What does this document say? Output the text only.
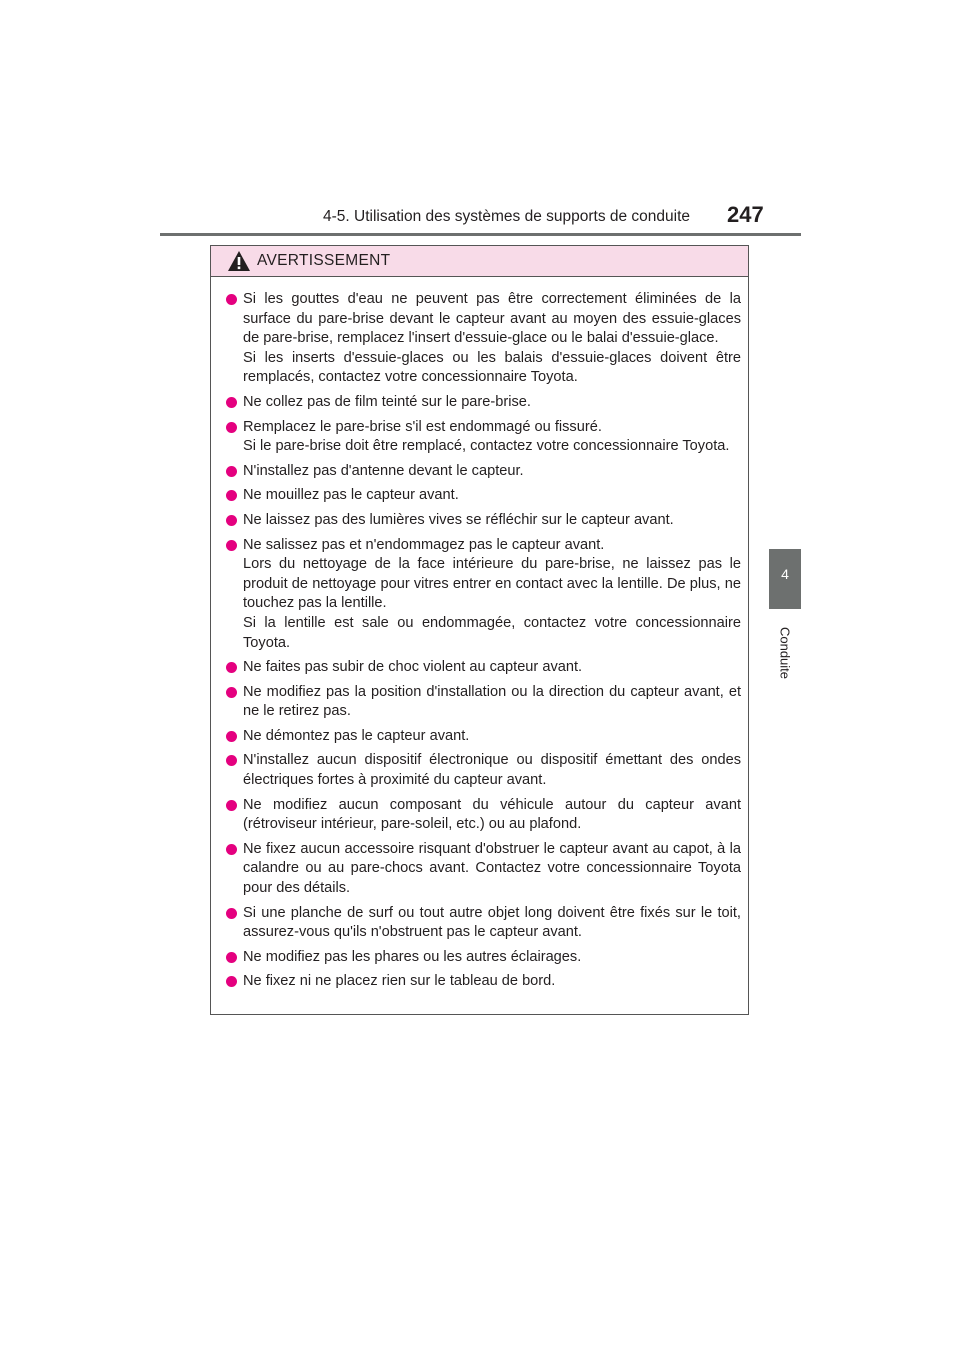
4-5. Utilisation des systèmes de supports de conduite 247
4
Conduite
AVERTISSEMENT

Si les gouttes d'eau ne peuvent pas être correctement éliminées de la surface du pare-brise devant le capteur avant au moyen des essuie-glaces de pare-brise, remplacez l'insert d'essuie-glace ou le balai d'essuie-glace.

Si les inserts d'essuie-glaces ou les balais d'essuie-glaces doivent être remplacés, contactez votre concessionnaire Toyota.

Ne collez pas de film teinté sur le pare-brise.

Remplacez le pare-brise s'il est endommagé ou fissuré.

Si le pare-brise doit être remplacé, contactez votre concessionnaire Toyota.

N'installez pas d'antenne devant le capteur.

Ne mouillez pas le capteur avant.

Ne laissez pas des lumières vives se réfléchir sur le capteur avant.

Ne salissez pas et n'endommagez pas le capteur avant.

Lors du nettoyage de la face intérieure du pare-brise, ne laissez pas le produit de nettoyage pour vitres entrer en contact avec la lentille. De plus, ne touchez pas la lentille.

Si la lentille est sale ou endommagée, contactez votre concessionnaire Toyota.

Ne faites pas subir de choc violent au capteur avant.

Ne modifiez pas la position d'installation ou la direction du capteur avant, et ne le retirez pas.

Ne démontez pas le capteur avant.

N'installez aucun dispositif électronique ou dispositif émettant des ondes électriques fortes à proximité du capteur avant.

Ne modifiez aucun composant du véhicule autour du capteur avant (rétroviseur intérieur, pare-soleil, etc.) ou au plafond.

Ne fixez aucun accessoire risquant d'obstruer le capteur avant au capot, à la calandre ou au pare-chocs avant. Contactez votre concessionnaire Toyota pour des détails.

Si une planche de surf ou tout autre objet long doivent être fixés sur le toit, assurez-vous qu'ils n'obstruent pas le capteur avant.

Ne modifiez pas les phares ou les autres éclairages.

Ne fixez ni ne placez rien sur le tableau de bord.
